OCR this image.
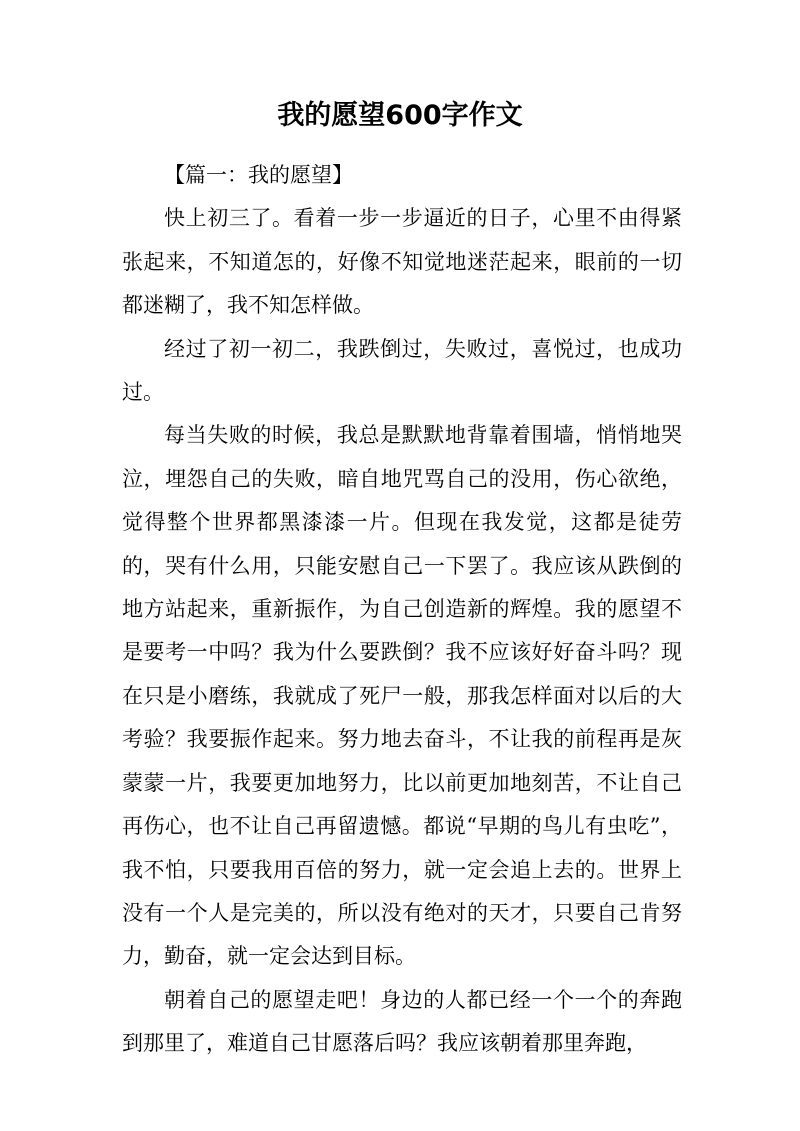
我的愿望600字作文

【篇一：我的愿望】

快上初三了。看着一步一步逼近的日子，心里不由得紧张起来，不知道怎的，好像不知觉地迷茫起来，眼前的一切都迷糊了，我不知怎样做。

经过了初一初二，我跌倒过，失败过，喜悦过，也成功过。

每当失败的时候，我总是默默地背靠着围墙，悄悄地哭泣，埋怨自己的失败，暗自地咒骂自己的没用，伤心欲绝，觉得整个世界都黑漆漆一片。但现在我发觉，这都是徒劳的，哭有什么用，只能安慰自己一下罢了。我应该从跌倒的地方站起来，重新振作，为自己创造新的辉煌。我的愿望不是要考一中吗？我为什么要跌倒？我不应该好好奋斗吗？现在只是小磨练，我就成了死尸一般，那我怎样面对以后的大考验？我要振作起来。努力地去奋斗，不让我的前程再是灰蒙蒙一片，我要更加地努力，比以前更加地刻苦，不让自己再伤心，也不让自己再留遗憾。都说“早期的鸟儿有虫吃”，我不怕，只要我用百倍的努力，就一定会追上去的。世界上没有一个人是完美的，所以没有绝对的天才，只要自己肯努力，勤奋，就一定会达到目标。

朝着自己的愿望走吧！身边的人都已经一个一个的奔跑到那里了，难道自己甘愿落后吗？我应该朝着那里奔跑，
